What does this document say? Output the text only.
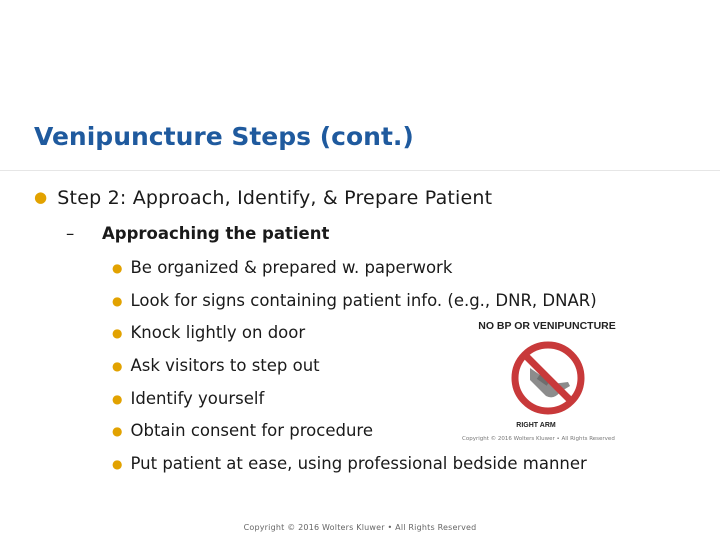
Venipuncture Steps (cont.)
● Step 2: Approach, Identify, & Prepare Patient
– Approaching the patient
● Be organized & prepared w. paperwork
● Look for signs containing patient info. (e.g., DNR, DNAR)
● Knock lightly on door
● Ask visitors to step out
● Identify yourself
● Obtain consent for procedure
● Put patient at ease, using professional bedside manner
NO BP OR VENIPUNCTURE
RIGHT ARM
Copyright © 2016 Wolters Kluwer • All Rights Reserved
Copyright © 2016 Wolters Kluwer • All Rights Reserved
